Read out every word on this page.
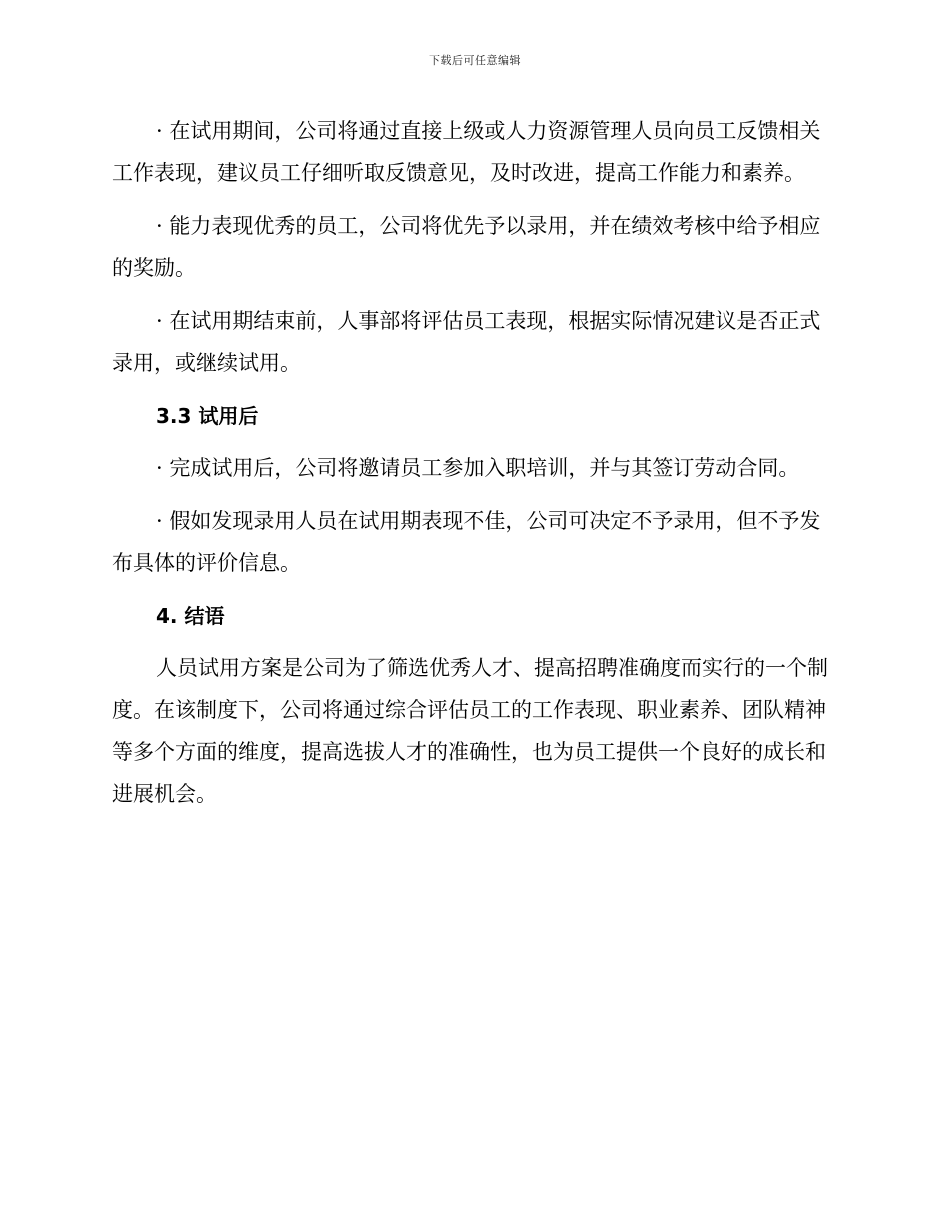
下载后可任意编辑

· 在试用期间，公司将通过直接上级或人力资源管理人员向员工反馈相关工作表现，建议员工仔细听取反馈意见，及时改进，提高工作能力和素养。

· 能力表现优秀的员工，公司将优先予以录用，并在绩效考核中给予相应的奖励。

· 在试用期结束前，人事部将评估员工表现，根据实际情况建议是否正式录用，或继续试用。

3.3 试用后

· 完成试用后，公司将邀请员工参加入职培训，并与其签订劳动合同。

· 假如发现录用人员在试用期表现不佳，公司可决定不予录用，但不予发布具体的评价信息。

4. 结语

人员试用方案是公司为了筛选优秀人才、提高招聘准确度而实行的一个制度。在该制度下，公司将通过综合评估员工的工作表现、职业素养、团队精神等多个方面的维度，提高选拔人才的准确性，也为员工提供一个良好的成长和进展机会。
